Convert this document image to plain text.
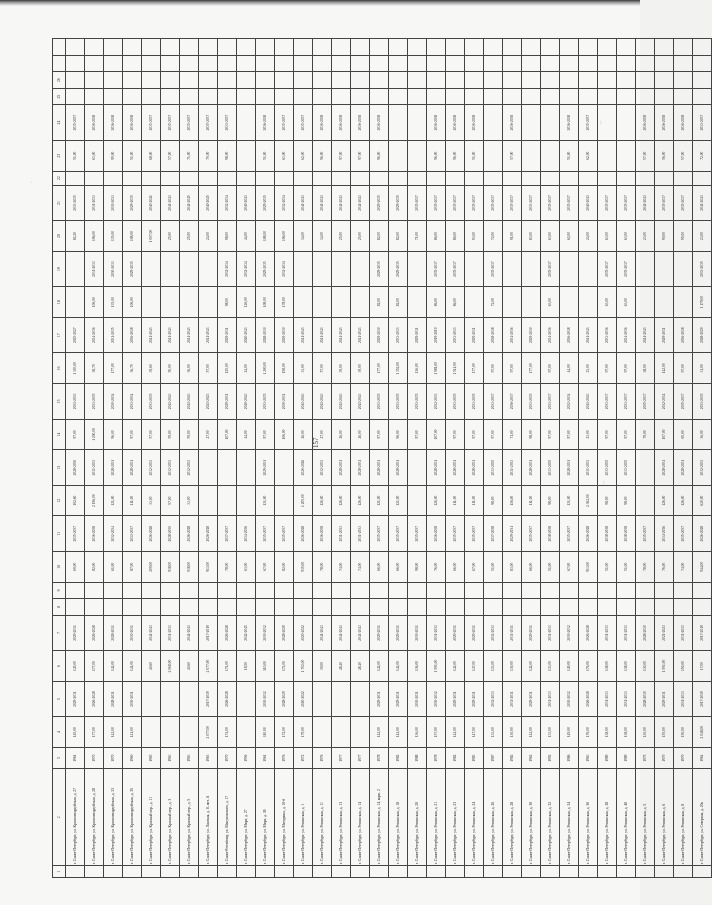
157
:
:
·
1	2	3	4	5	6	7	8	9	10	11	12	13	14	15	16	17	18	19	20	21	22	23	24	25	26		
	г. Санкт-Петербург, ул. Красногвардейская, д. 27	1961	145,00	2029-2031	145,00	2029-2031			69,00	2035-2037	102,60	2028-2030	97,00	2031-2033	1 303,00	2025-2027			82,20	2033-2035		51,00	2035-2037				
	г. Санкт-Петербург, ул. Красногвардейская, д. 28	1970	177,00	2026-2028	177,00	2026-2028			82,00	2036-2038	2 196,00	2031-2033	1 200,00	2033-2035	38,70	2034-2036	106,00	2031-2033	106,00	2031-2033		63,00	2036-2038				
	г. Санкт-Петербург, ул. Красногвардейская, д. 33	1970	142,00	2028-2031	142,00	2028-2031			61,00	2032-2034	121,00	2028-2031	96,00	2030-2034	177,00	2031-2035	135,00	2030-2033	135,00	2030-2033		99,00	2036-2038				
	г. Санкт-Петербург, ул. Красногвардейская, д. 35	1960	141,00	2030-2031	141,00	2030-2031			87,00	2033-2037	111,00	2028-2031	97,00	2033-2034	36,70	2036-2038	106,00	2029-2035	108,00	2029-2035		51,00	2036-2038				
	г. Санкт-Петербург, ул. Красный пер., д. 11	1965			40,60	2041-2043			209,00	2026-2028	33,00	2032-2033	57,00	2033-2035	39,60	2041-2043			1 007,00	2040-2041		68,00	2035-2037				
	г. Санкт-Петербург, ул. Красный пер., д. 3	1963			2 068,00	2031-2033			938,00	2028-2030	57,00	2032-2033	59,00	2041-2043	50,00	2041-2043			25,00	2041-2043		57,00	2035-2037				
	г. Санкт-Петербург, ул. Красный пер., д. 5	1963			40,60	2041-2043			938,00	2026-2028	33,00	2032-2033	59,00	2041-2043	36,00	2041-2043			25,00	2041-2045		71,00	2035-2037				
	г. Санкт-Петербург, ул. Ланская, д. 8, лит. А	1963	2 077,00	2017-2019	2 077,00	2017-2019			913,00	2026-2028			27,00	2021-2023	57,00	2041-2043			24,00	2040-2045		70,00	2035-2037				
	г. Санкт-Petersburg, ул. Мануильского, д. 17	1970	174,00	2026-2028	174,00	2026-2028			78,00	2037-2037			107,00	2029-2031	125,00	2029-2031	98,00	2032-2034	98,00	2032-2034		98,00	2033-2037				
	г. Санкт-Петербург, ул. Мира, д. 27	1956			18,50	2042-2045			63,00	2034-2036			44,00	2040-2043	24,00	2040-2043	126,00	2032-2034	44,00	2040-2043							
	г. Санкт-Петербург, ул. Мира, д. 30	1961	110,00	2030-2032	110,00	2030-2032			67,00	2035-2037	131,00	2029-2031	97,00	2033-2035	1 200,00	2028-2030	108,00	2029-2035	108,00	2029-2035		51,00	2036-2038				
	г. Санкт-Петербург, ул. Мичурина, д. 10-б	1976	172,00	2028-2029	172,00	2028-2029			82,00	2035-2037			106,00	2030-2031	158,00	2029-2030	178,00	2032-2034	106,00	2032-2034		63,00	2035-2037				
	г. Санкт-Петербург, ул. Репинская, д. 1	1972	179,00	2020-2022	1 702,00	2020-2022			935,00	2026-2028	1 205,00	2026-2026	26,00	2041-2043	33,00	2041-2043			34,00	2041-2043		62,00	2035-2037				
	г. Санкт-Петербург, ул. Репинская, д. 11	1976			39,00	2041-2043			78,00	2036-2038	126,00	2032-2033	27,00	2041-2043	57,00	2041-2043			34,00	2041-2043		96,00	2036-2038				
	г. Санкт-Петербург, ул. Репинская, д. 13	1977			48,40	2041-2043			74,00	2031-2033	126,00	2028-2031	26,00	2041-2043	39,00	2041-2043			25,00	2041-2043		97,00	2036-2038				
	г. Санкт-Петербург, ул. Репинская, д. 14	1977			48,40	2041-2043			74,00	2031-2033	126,00	2028-2031	26,00	2041-2043	39,00	2041-2043			25,00	2041-2043		97,00	2036-2038				
	г. Санкт-Петербург, ул. Репинская, д. 14, корп. 2	1978	142,00	2029-2031	142,00	2029-2031			66,00	2035-2037	121,00	2028-2031	97,00	2033-2035	177,00	2029-2030	82,00	2029-2035	82,00	2029-2035		96,00	2036-2038				
	г. Санкт-Петербург, ул. Репинская, д. 18	1982	142,00	2029-2031	142,00	2029-2031			66,00	2035-2037	121,00	2028-2031	96,00	2033-2035	1 352,00	2033-2033	82,00	2029-2035	82,00	2029-2035							
	г. Санкт-Петербург, ул. Репинская, д. 20	1988	136,00	2030-2031	136,00	2030-2031			98,00	2035-2037			97,00	2033-2035	136,00	2029-2031			71,00	2035-2037							
	г. Санкт-Петербург, ул. Репинская, д. 21	1978	157,00	2030-2032	1 591,00	2031-2033			76,00	2036-2038	126,00	2028-2031	107,00	2032-2033	1 981,00	2019-2019	86,00	2035-2037	86,00	2035-2037		96,00	2036-2038				
	г. Санкт-Петербург, ул. Репинская, д. 23	1982	142,00	2029-2031	142,00	2029-2031			66,00	2035-2037	111,00	2028-2031	97,00	2033-2035	1 511,00	2033-2033	86,00	2035-2037	86,00	2035-2037		96,00	2036-2038				
	г. Санкт-Петербург, ул. Репинская, д. 24	1983	147,00	2029-2031	147,00	2029-2031			67,00	2035-2037	111,00	2028-2031	97,00	2033-2035	177,00	2029-2031			93,00	2035-2037		51,00	2036-2038				
	г. Санкт-Петербург, ул. Репинская, д. 26	1987	133,00	2032-2033	133,00	2032-2033			51,00	2037-2038	98,00	2033-2035	97,00	2033-2037	97,00	2038-2038	72,00	2035-2037	72,00	2035-2037							
	г. Санкт-Петербург, ул. Репинская, д. 28	1982	130,00	2031-2031	130,00	2031-2031			83,00	2029-2031	116,00	2031-2033	71,00	2036-2037	97,00	2034-2036			91,00	2035-2037		57,00	2036-2038				
	г. Санкт-Петербург, ул. Репинская, д. 30	1962	142,00	2029-2031	142,00	2029-2031			66,00	2035-2037	111,00	2028-2031	98,00	2033-2035	177,00	2029-2030			83,00	2033-2037							
	г. Санкт-Петербург, ул. Репинская, д. 32	1992	133,00	2031-2033	133,00	2031-2033			51,00	2038-2038	98,00	2033-2035	97,00	2033-2037	97,00	2034-2036	63,00	2035-2037	63,00	2035-2037							
	г. Санкт-Петербург, ул. Репинская, д. 34	1986	149,00	2030-2032	149,00	2030-2032			67,00	2035-2037	131,00	2028-2031	97,00	2032-2034	44,00	2036-2038			62,00	2035-2037		51,00	2036-2038				
	г. Санкт-Петербург, ул. Репинская, д. 36	1963	176,00	2026-2028	176,00	2026-2028			913,00	2026-2028	2 362,00	2031-2033	23,00	2041-2043	23,00	2041-2043			24,00	2040-2043		62,00	2035-2037				
	г. Санкт-Петербург, ул. Репинская, д. 38	1989	138,00	2031-2033	138,00	2031-2033			51,00	2038-2038	98,00	2033-2035	97,00	2033-2037	97,00	2033-2036	63,00	2035-2037	63,00	2035-2037							
	г. Санкт-Петербург, ул. Репинская, д. 40	1989	138,00	2031-2033	138,00	2031-2033			51,00	2038-2038	98,00	2033-2035	97,00	2033-2037	97,00	2034-2036	63,00	2035-2037	63,00	2035-2037							
	г. Санкт-Петербург, ул. Репинская, д. 5	1975	130,00	2028-2030	130,00	2028-2030			78,00	2035-2037			79,00	2035-2037	38,00	2041-2043			23,00	2041-2043		57,00	2036-2038				
	г. Санкт-Петербург, ул. Репинская, д. 6	1970	155,00	2029-2031	1 591,00	2021-2023			76,00	2034-2036	126,00	2028-2031	107,00	2032-2034	142,00	2029-2031			90,00	2035-2037		56,00	2036-2038				
	г. Санкт-Петербург, ул. Репинская, д. 8	1970	150,00	2031-2033	150,00	2031-2033			74,00	2035-2037	126,00	2028-2031	65,00	2035-2037	97,00	2036-2038			95,00	2035-2037		57,00	2036-2038				
	г. Санкт-Петербург, ул. Северная, д. 20а	1964	2 048,00	2017-2019	17,00	2017-2019			944,00	2026-2028	620,00	2032-2033	36,00	2033-2035	31,00	2028-2029	1 179,00	2033-2035	23,00	2041-2043		72,00	2033-2037				
